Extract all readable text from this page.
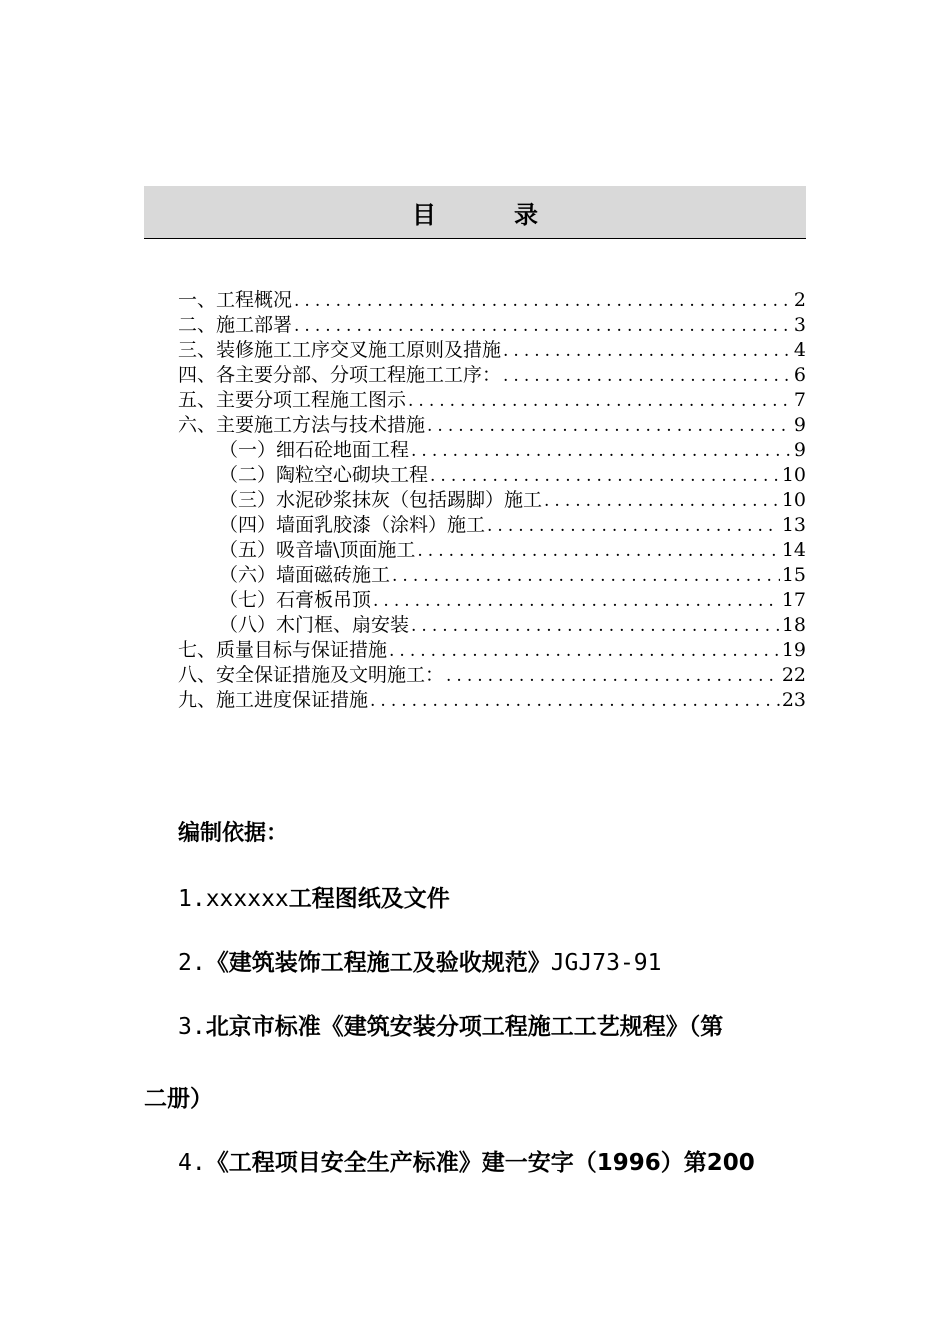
目录
一、工程概况 .....	2
二、施工部署 .....	3
三、装修施工工序交叉施工原则及措施 .....	4
四、各主要分部、分项工程施工工序： .....	6
五、主要分项工程施工图示 .....	7
六、主要施工方法与技术措施 .....	9
（一）细石砼地面工程 .....	9
（二）陶粒空心砌块工程 .....	10
（三）水泥砂浆抹灰（包括踢脚）施工 .....	10
（四）墙面乳胶漆（涂料）施工 .....	13
（五）吸音墙\顶面施工 .....	14
（六）墙面磁砖施工 .....	15
（七）石膏板吊顶 .....	17
（八）木门框、扇安装 .....	18
七、质量目标与保证措施 .....	19
八、安全保证措施及文明施工： .....	22
九、施工进度保证措施 .....	23
编制依据：
1.xxxxxx工程图纸及文件
2.《建筑装饰工程施工及验收规范》JGJ73-91
3.北京市标准《建筑安装分项工程施工工艺规程》（第
二册）
4.《工程项目安全生产标准》建一安字（1996）第200
